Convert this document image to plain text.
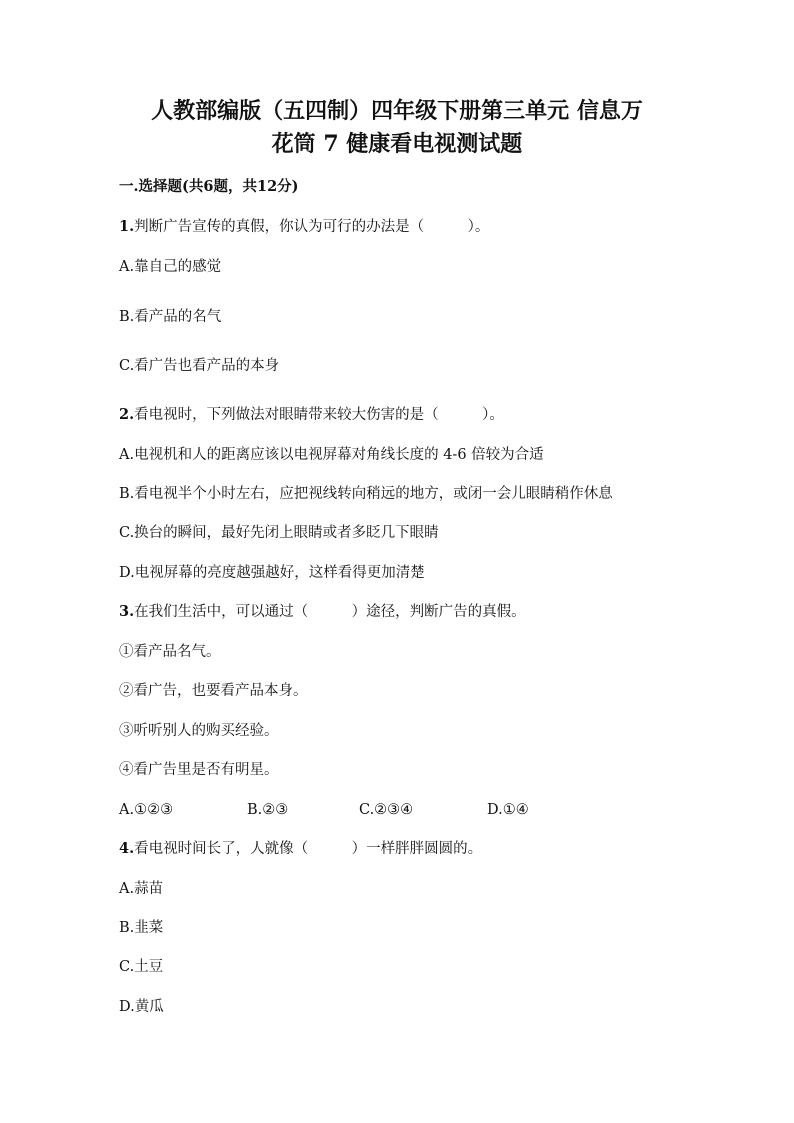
人教部编版（五四制）四年级下册第三单元 信息万
花筒 7 健康看电视测试题

一.选择题(共6题，共12分)

1.判断广告宣传的真假，你认为可行的办法是（　　　）。

A.靠自己的感觉

B.看产品的名气

C.看广告也看产品的本身

2.看电视时，下列做法对眼睛带来较大伤害的是（　　　）。

A.电视机和人的距离应该以电视屏幕对角线长度的 4-6 倍较为合适

B.看电视半个小时左右，应把视线转向稍远的地方，或闭一会儿眼睛稍作休息

C.换台的瞬间，最好先闭上眼睛或者多眨几下眼睛

D.电视屏幕的亮度越强越好，这样看得更加清楚

3.在我们生活中，可以通过（　　　）途径，判断广告的真假。

①看产品名气。

②看广告，也要看产品本身。

③听听别人的购买经验。

④看广告里是否有明星。

A.①②③	B.②③	C.②③④	D.①④

4.看电视时间长了，人就像（　　　）一样胖胖圆圆的。

A.蒜苗

B.韭菜

C.土豆

D.黄瓜
